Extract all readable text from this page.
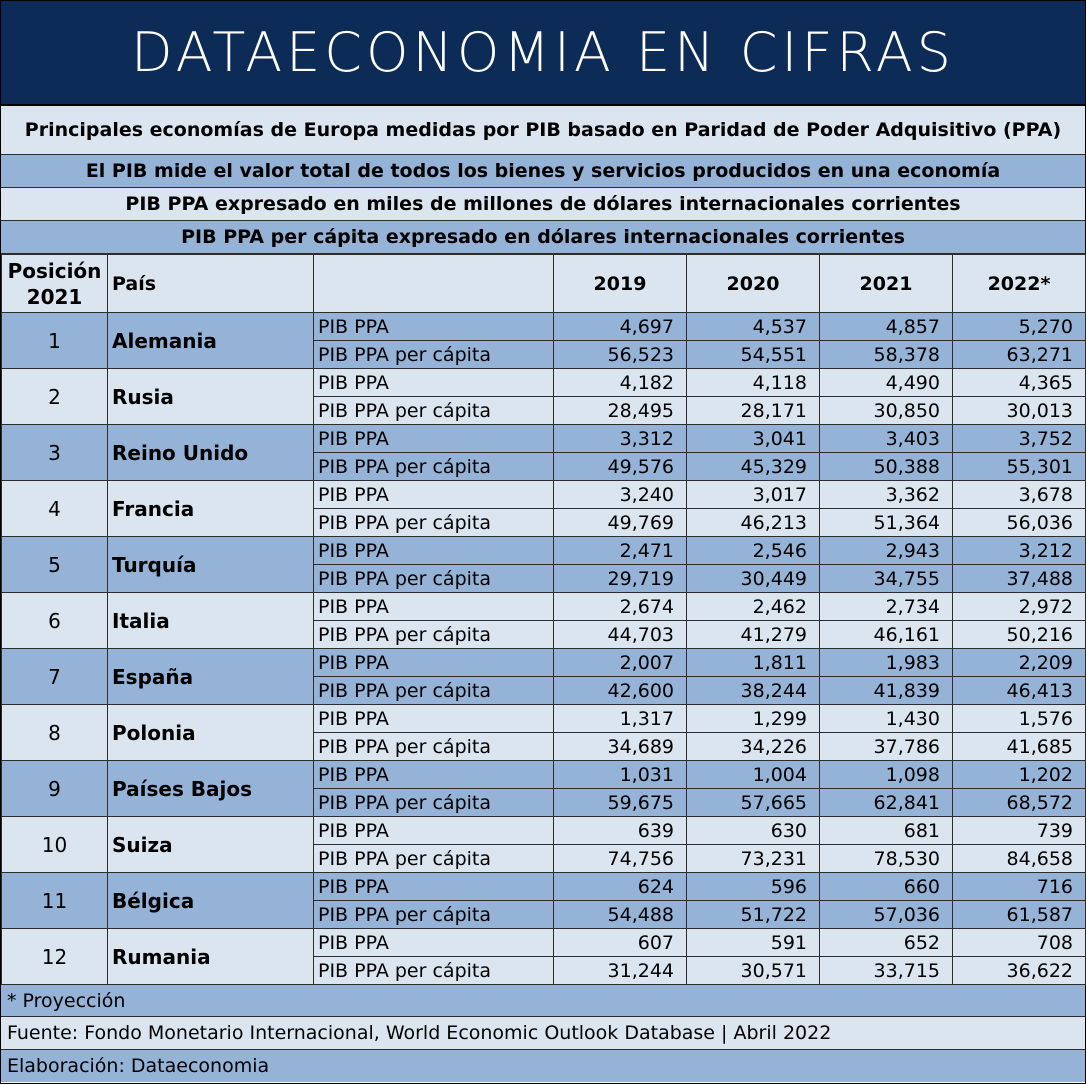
DATAECONOMIA EN CIFRAS
Principales economías de Europa medidas por PIB basado en Paridad de Poder Adquisitivo (PPA)
El PIB mide el valor total de todos los bienes y servicios producidos en una economía
PIB PPA expresado en miles de millones de dólares internacionales corrientes
PIB PPA per cápita expresado en dólares internacionales corrientes
Posición
2021	País		2019	2020	2021	2022*
1	Alemania	PIB PPA	4,697	4,537	4,857	5,270
		PIB PPA per cápita	56,523	54,551	58,378	63,271
2	Rusia	PIB PPA	4,182	4,118	4,490	4,365
		PIB PPA per cápita	28,495	28,171	30,850	30,013
3	Reino Unido	PIB PPA	3,312	3,041	3,403	3,752
		PIB PPA per cápita	49,576	45,329	50,388	55,301
4	Francia	PIB PPA	3,240	3,017	3,362	3,678
		PIB PPA per cápita	49,769	46,213	51,364	56,036
5	Turquía	PIB PPA	2,471	2,546	2,943	3,212
		PIB PPA per cápita	29,719	30,449	34,755	37,488
6	Italia	PIB PPA	2,674	2,462	2,734	2,972
		PIB PPA per cápita	44,703	41,279	46,161	50,216
7	España	PIB PPA	2,007	1,811	1,983	2,209
		PIB PPA per cápita	42,600	38,244	41,839	46,413
8	Polonia	PIB PPA	1,317	1,299	1,430	1,576
		PIB PPA per cápita	34,689	34,226	37,786	41,685
9	Países Bajos	PIB PPA	1,031	1,004	1,098	1,202
		PIB PPA per cápita	59,675	57,665	62,841	68,572
10	Suiza	PIB PPA	639	630	681	739
		PIB PPA per cápita	74,756	73,231	78,530	84,658
11	Bélgica	PIB PPA	624	596	660	716
		PIB PPA per cápita	54,488	51,722	57,036	61,587
12	Rumania	PIB PPA	607	591	652	708
		PIB PPA per cápita	31,244	30,571	33,715	36,622
* Proyección
Fuente: Fondo Monetario Internacional, World Economic Outlook Database | Abril 2022
Elaboración: Dataeconomia
